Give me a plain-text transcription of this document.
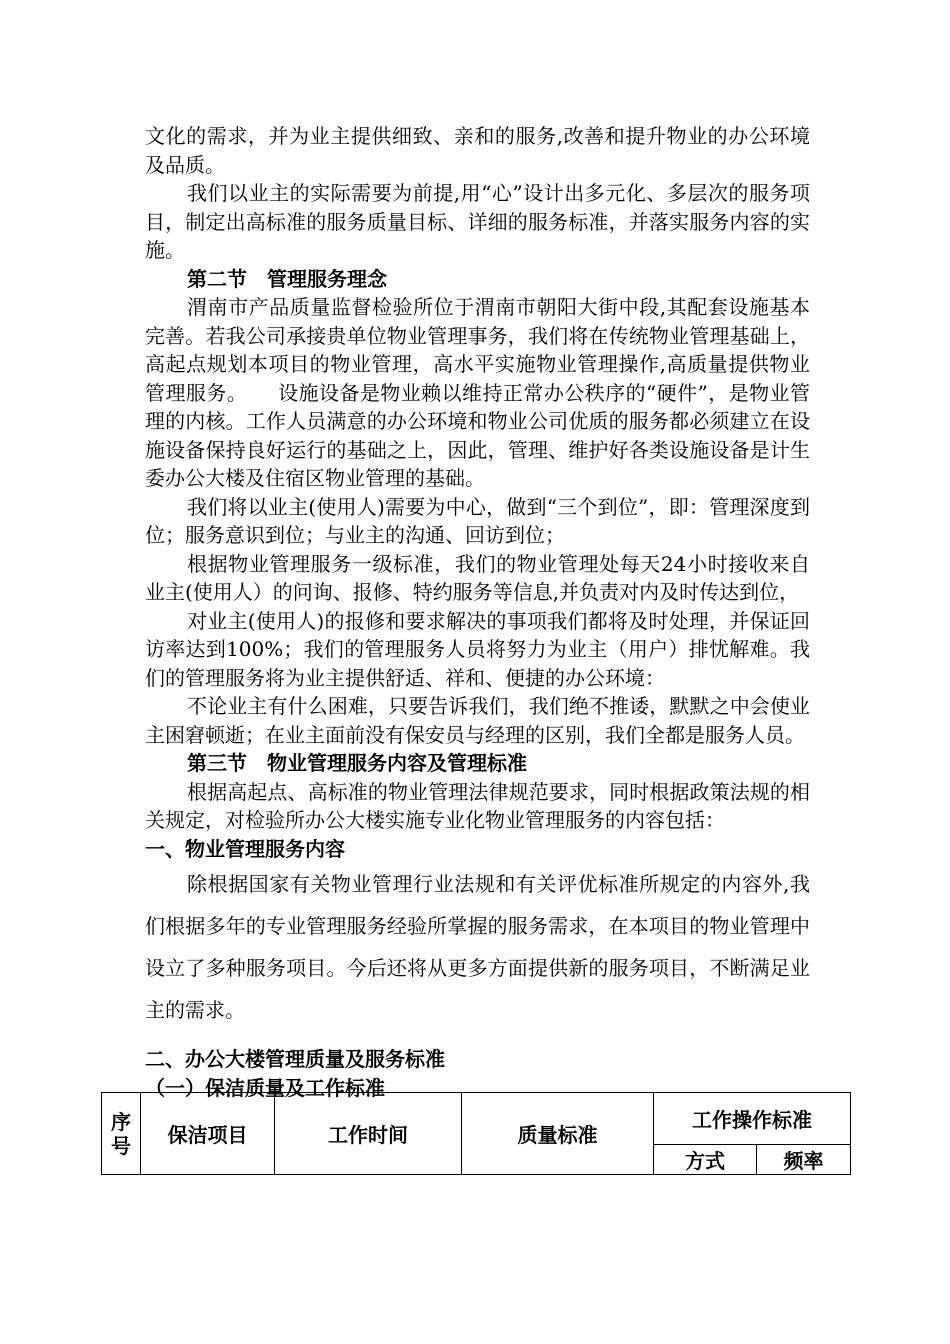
文化的需求，并为业主提供细致、亲和的服务,改善和提升物业的办公环境及品质。

我们以业主的实际需要为前提,用“心”设计出多元化、多层次的服务项目，制定出高标准的服务质量目标、详细的服务标准，并落实服务内容的实施。

第二节　管理服务理念

渭南市产品质量监督检验所位于渭南市朝阳大街中段,其配套设施基本完善。若我公司承接贵单位物业管理事务，我们将在传统物业管理基础上，高起点规划本项目的物业管理，高水平实施物业管理操作,高质量提供物业管理服务。　　设施设备是物业赖以维持正常办公秩序的“硬件”，是物业管理的内核。工作人员满意的办公环境和物业公司优质的服务都必须建立在设施设备保持良好运行的基础之上，因此，管理、维护好各类设施设备是计生委办公大楼及住宿区物业管理的基础。

我们将以业主(使用人)需要为中心，做到“三个到位”，即：管理深度到位；服务意识到位；与业主的沟通、回访到位；

根据物业管理服务一级标准，我们的物业管理处每天24小时接收来自业主(使用人）的问询、报修、特约服务等信息,并负责对内及时传达到位，

对业主(使用人)的报修和要求解决的事项我们都将及时处理，并保证回访率达到100%；我们的管理服务人员将努力为业主（用户）排忧解难。我们的管理服务将为业主提供舒适、祥和、便捷的办公环境：

不论业主有什么困难，只要告诉我们，我们绝不推诿，默默之中会使业主困窘顿逝；在业主面前没有保安员与经理的区别，我们全都是服务人员。

第三节　物业管理服务内容及管理标准

根据高起点、高标准的物业管理法律规范要求，同时根据政策法规的相关规定，对检验所办公大楼实施专业化物业管理服务的内容包括：

一、物业管理服务内容

除根据国家有关物业管理行业法规和有关评优标准所规定的内容外,我们根据多年的专业管理服务经验所掌握的服务需求，在本项目的物业管理中设立了多种服务项目。今后还将从更多方面提供新的服务项目，不断满足业主的需求。

二、办公大楼管理质量及服务标准

（一）保洁质量及工作标准

序
号	保洁项目	工作时间	质量标准	工作操作标准	
				方式	频率
